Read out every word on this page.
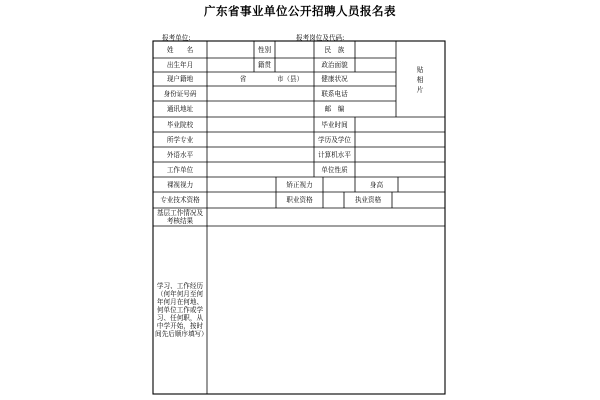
广东省事业单位公开招聘人员报名表
报考单位:	报考岗位及代码:
贴
相
片
姓　　名	性别	民　族
出生年月	籍贯	政治面貌
现户籍地	省	市（县）	健康状况
身份证号码	联系电话
通讯地址	邮　编
毕业院校	毕业时间
所学专业	学历及学位
外语水平	计算机水平
工作单位	单位性质
裸视视力	矫正视力	身高
专业技术资格	职业资格	执业资格
基层工作情况及考核结果
学习、工作经历（何年何月至何年何月在何地、何单位工作或学习、任何职，从中学开始，按时间先后顺序填写）
